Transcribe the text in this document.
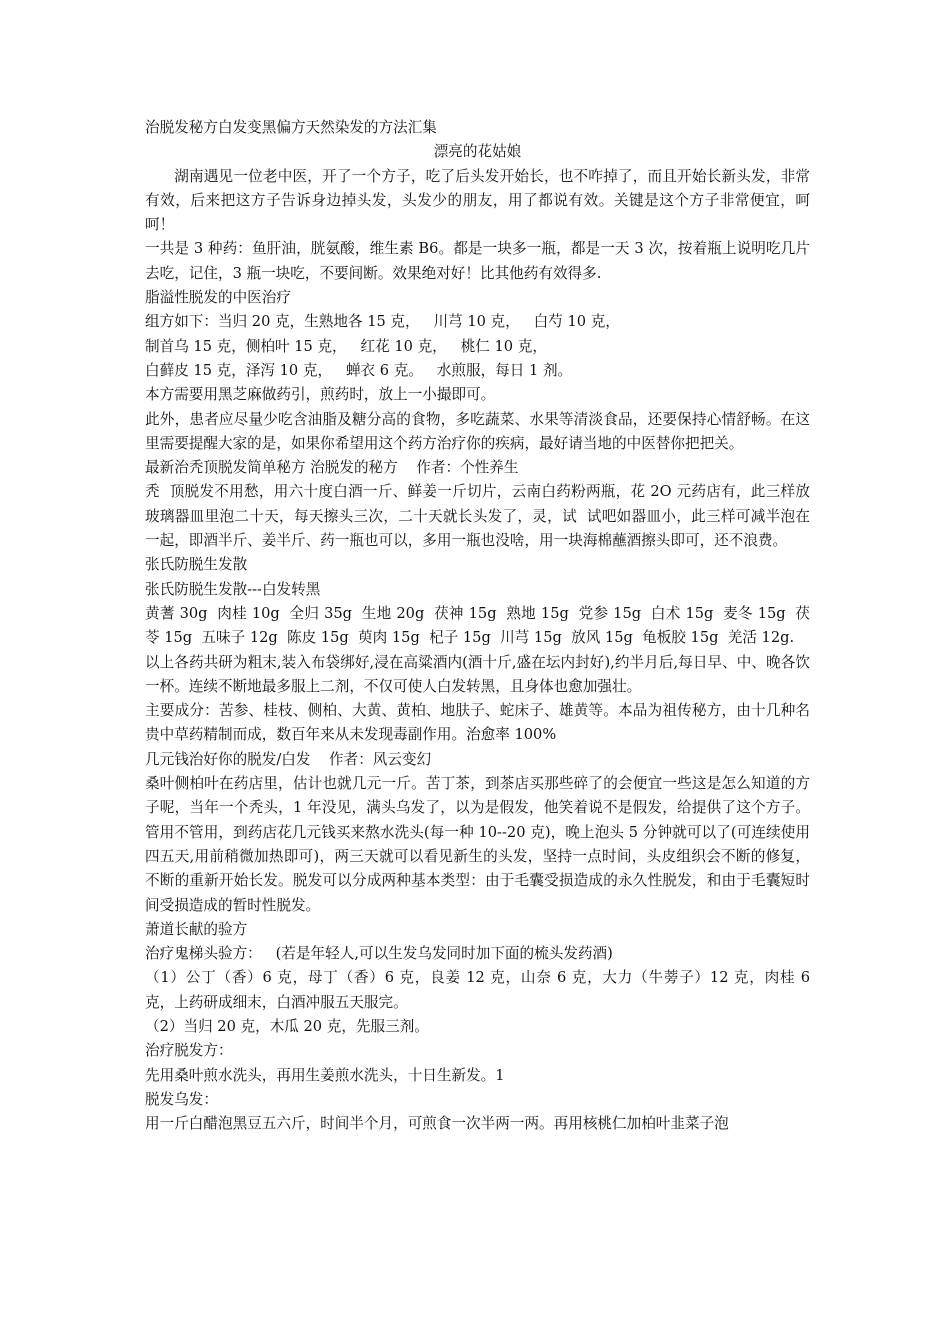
治脱发秘方白发变黑偏方天然染发的方法汇集
漂亮的花姑娘
湖南遇见一位老中医，开了一个方子，吃了后头发开始长，也不咋掉了，而且开始长新头发，非常有效，后来把这方子告诉身边掉头发，头发少的朋友，用了都说有效。关键是这个方子非常便宜，呵呵！
一共是 3 种药：鱼肝油，胱氨酸，维生素 B6。都是一块多一瓶，都是一天 3 次，按着瓶上说明吃几片去吃，记住，3 瓶一块吃，不要间断。效果绝对好！比其他药有效得多.
脂溢性脱发的中医治疗
组方如下：当归 20 克，生熟地各 15 克，   川芎 10 克，   白芍 10 克，
制首乌 15 克，侧柏叶 15 克，   红花 10 克，   桃仁 10 克，
白藓皮 15 克，泽泻 10 克，   蝉衣 6 克。   水煎服，每日 1 剂。
本方需要用黑芝麻做药引，煎药时，放上一小撮即可。
此外，患者应尽量少吃含油脂及糖分高的食物，多吃蔬菜、水果等清淡食品，还要保持心情舒畅。在这里需要提醒大家的是，如果你希望用这个药方治疗你的疾病，最好请当地的中医替你把把关。
最新治秃顶脱发简单秘方 治脱发的秘方    作者：个性养生
秃  顶脱发不用愁，用六十度白酒一斤、鲜姜一斤切片，云南白药粉两瓶，花 2O 元药店有，此三样放玻璃器皿里泡二十天，每天擦头三次，二十天就长头发了，灵，试  试吧如器皿小，此三样可减半泡在一起，即酒半斤、姜半斤、药一瓶也可以，多用一瓶也没啥，用一块海棉蘸酒擦头即可，还不浪费。
张氏防脱生发散
张氏防脱生发散---白发转黑
黄蓍 30g  肉桂 10g  全归 35g  生地 20g  茯神 15g  熟地 15g  党参 15g  白术 15g  麦冬 15g  茯苓 15g  五味子 12g  陈皮 15g  萸肉 15g  杞子 15g  川芎 15g  放风 15g  龟板胶 15g  羌活 12g.
以上各药共研为粗末,装入布袋绑好,浸在高粱酒内(酒十斤,盛在坛内封好),约半月后,每日早、中、晚各饮一杯。连续不断地最多服上二剂，不仅可使人白发转黑，且身体也愈加强壮。
主要成分：苦参、桂枝、侧柏、大黄、黄柏、地肤子、蛇床子、雄黄等。本品为祖传秘方，由十几种名贵中草药精制而成，数百年来从未发现毒副作用。治愈率 100%
几元钱治好你的脱发/白发    作者：风云变幻
桑叶侧柏叶在药店里，估计也就几元一斤。苦丁茶，到茶店买那些碎了的会便宜一些这是怎么知道的方子呢，当年一个秃头，1 年没见，满头乌发了，以为是假发，他笑着说不是假发，给提供了这个方子。管用不管用，到药店花几元钱买来熬水洗头(每一种 10--20 克)，晚上泡头 5 分钟就可以了(可连续使用四五天,用前稍微加热即可)，两三天就可以看见新生的头发，坚持一点时间，头皮组织会不断的修复，不断的重新开始长发。脱发可以分成两种基本类型：由于毛囊受损造成的永久性脱发，和由于毛囊短时间受损造成的暂时性脱发。
萧道长献的验方
治疗鬼梯头验方：   (若是年轻人,可以生发乌发同时加下面的梳头发药酒)
（1）公丁（香）6 克，母丁（香）6 克，良姜 12 克，山奈 6 克，大力（牛蒡子）12 克，肉桂 6 克，上药研成细末，白酒冲服五天服完。
（2）当归 20 克，木瓜 20 克，先服三剂。
治疗脱发方：
先用桑叶煎水洗头，再用生姜煎水洗头，十日生新发。1
脱发乌发：
用一斤白醋泡黑豆五六斤，时间半个月，可煎食一次半两一两。再用核桃仁加柏叶韭菜子泡
